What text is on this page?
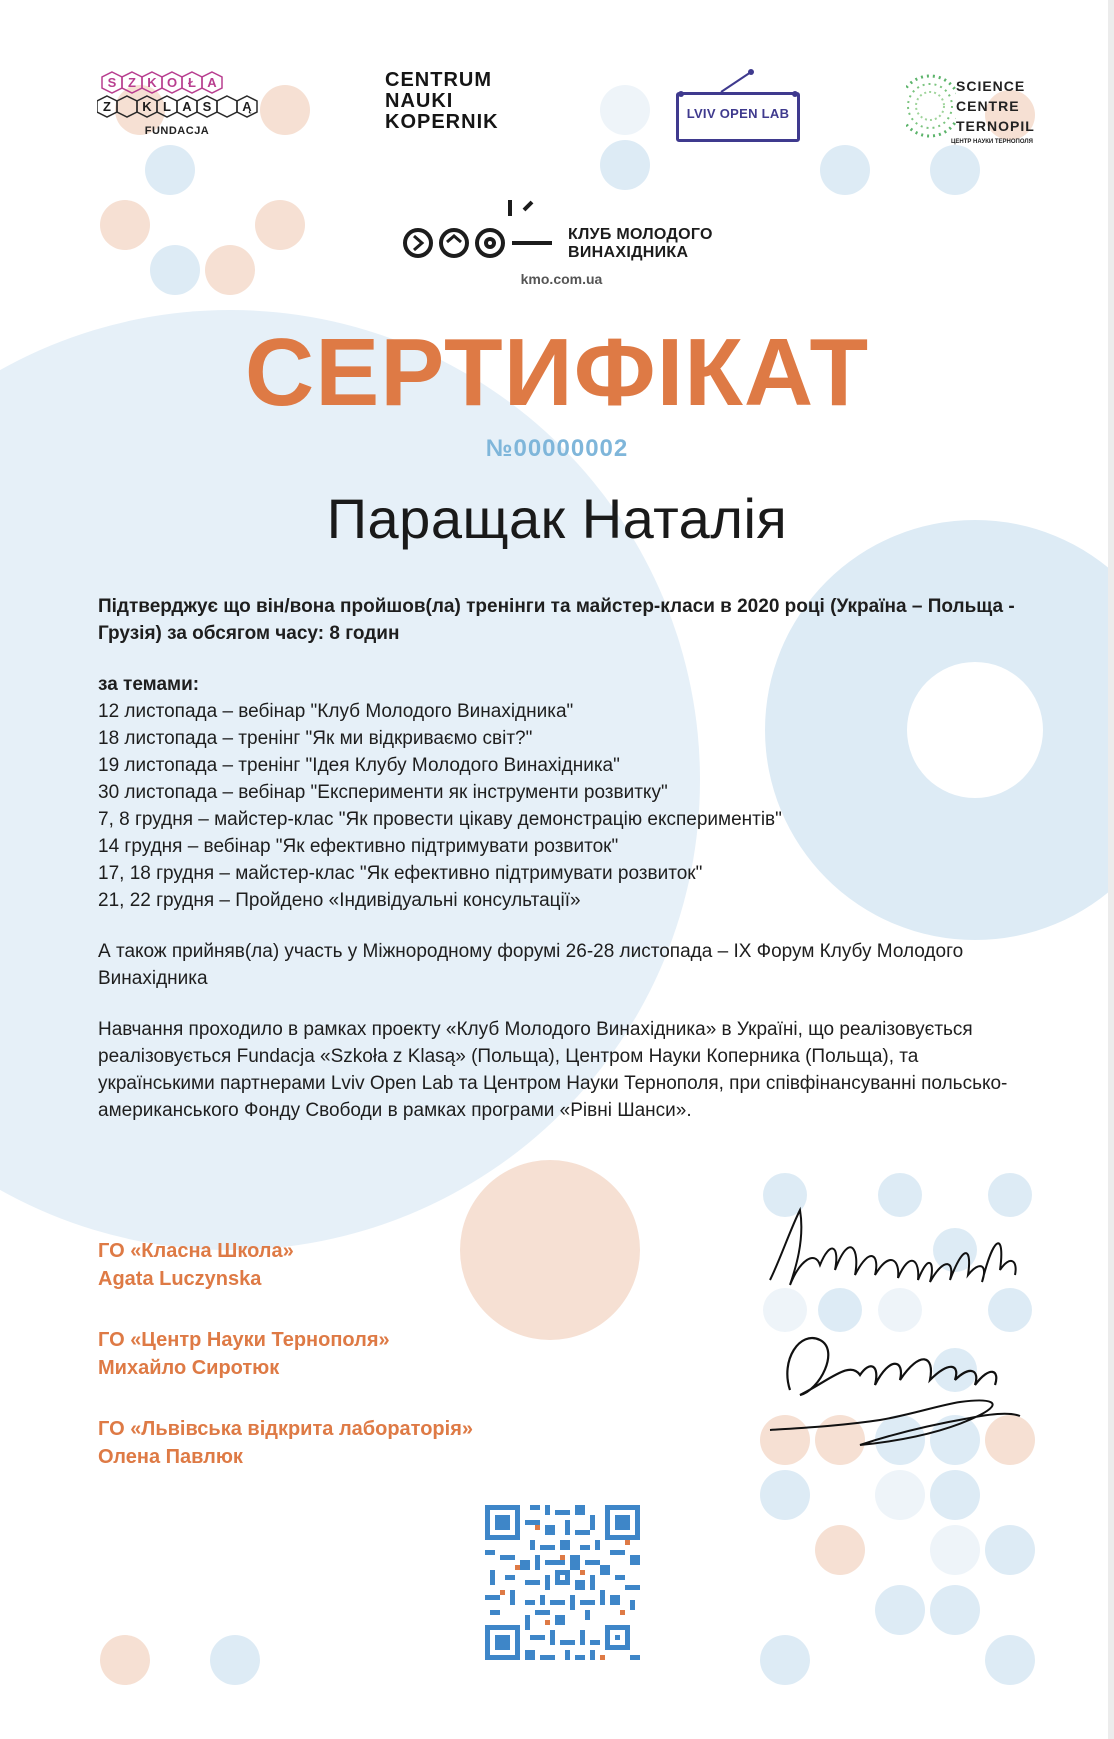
S Z K O Ł A
Z	K L A S	Ą
FUNDACJA
CENTRUM
NAUKI
KOPERNIK	LVIV OPEN LAB
SCIENCE
CENTRE
TERNOPIL
ЦЕНТР НАУКИ ТЕРНОПОЛЯ
КЛУБ МОЛОДОГО
ВИНАХІДНИКА
kmo.com.ua
СЕРТИФІКАТ
№00000002
Паращак Наталія
Підтверджує що він/вона пройшов(ла) тренінги та майстер-класи в 2020 році (Україна – Польща - Грузія) за обсягом часу: 8 годин
за темами:
12 листопада – вебінар "Клуб Молодого Винахідника"
18 листопада – тренінг "Як ми відкриваємо світ?"
19 листопада – тренінг "Ідея Клубу Молодого Винахідника"
30 листопада – вебінар "Експерименти як інструменти розвитку"
7, 8 грудня – майстер-клас "Як провести цікаву демонстрацію експериментів"
14 грудня – вебінар "Як ефективно підтримувати розвиток"
17, 18 грудня – майстер-клас "Як ефективно підтримувати розвиток"
21, 22 грудня – Пройдено «Індивідуальні консультації»
А також прийняв(ла) участь у Міжнородному форумі 26-28 листопада – IX Форум Клубу Молодого Винахідника
Навчання проходило в рамках проекту «Клуб Молодого Винахідника» в Україні, що реалізовується реалізовується Fundacja «Szkoła z Klasą» (Польща), Центром Науки Коперника (Польща), та українськими партнерами Lviv Open Lab та Центром Науки Тернополя, при співфінансуванні польсько-американського Фонду Свободи в рамках програми «Рівні Шанси».
ГО «Класна Школа»
Agata Luczynska
ГО «Центр Науки Тернополя»
Михайло Сиротюк
ГО «Львівська відкрита лабораторія»
Олена Павлюк
